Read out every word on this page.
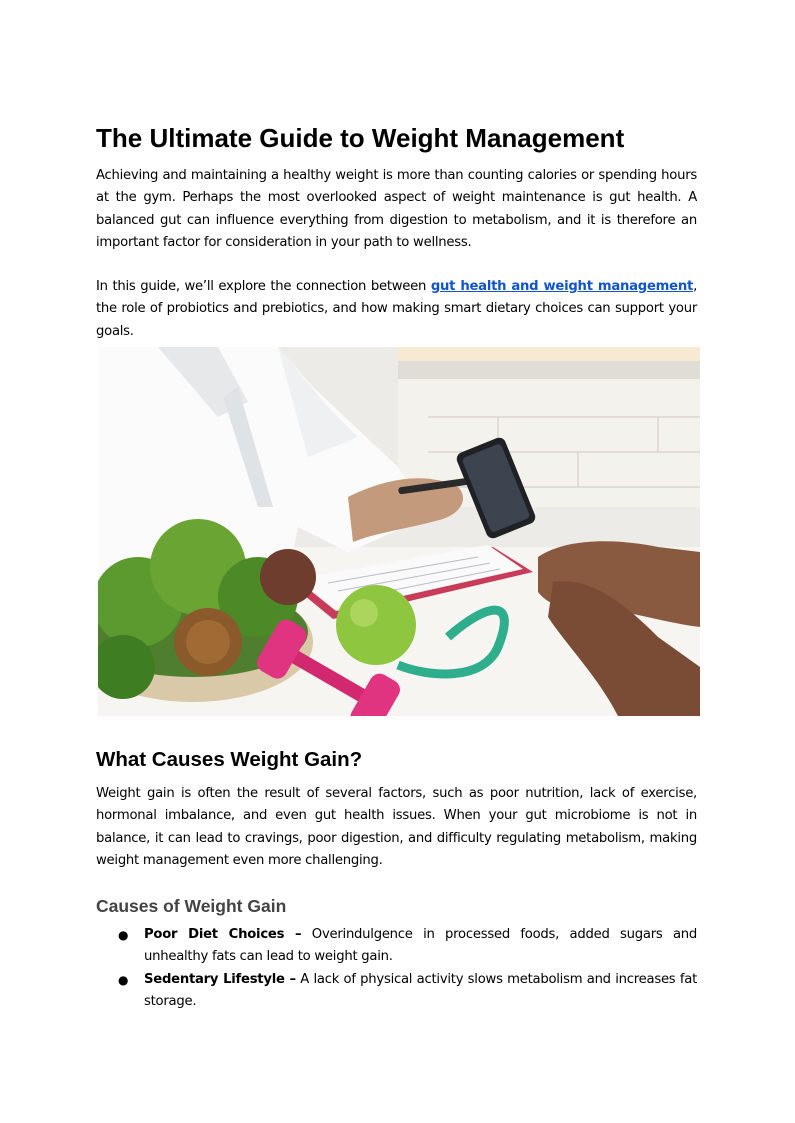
The Ultimate Guide to Weight Management

Achieving and maintaining a healthy weight is more than counting calories or spending hours at the gym. Perhaps the most overlooked aspect of weight maintenance is gut health. A balanced gut can influence everything from digestion to metabolism, and it is therefore an important factor for consideration in your path to wellness.

In this guide, we’ll explore the connection between gut health and weight management, the role of probiotics and prebiotics, and how making smart dietary choices can support your goals.

What Causes Weight Gain?

Weight gain is often the result of several factors, such as poor nutrition, lack of exercise, hormonal imbalance, and even gut health issues. When your gut microbiome is not in balance, it can lead to cravings, poor digestion, and difficulty regulating metabolism, making weight management even more challenging.

Causes of Weight Gain
● Poor Diet Choices – Overindulgence in processed foods, added sugars and unhealthy fats can lead to weight gain.
● Sedentary Lifestyle – A lack of physical activity slows metabolism and increases fat storage.
